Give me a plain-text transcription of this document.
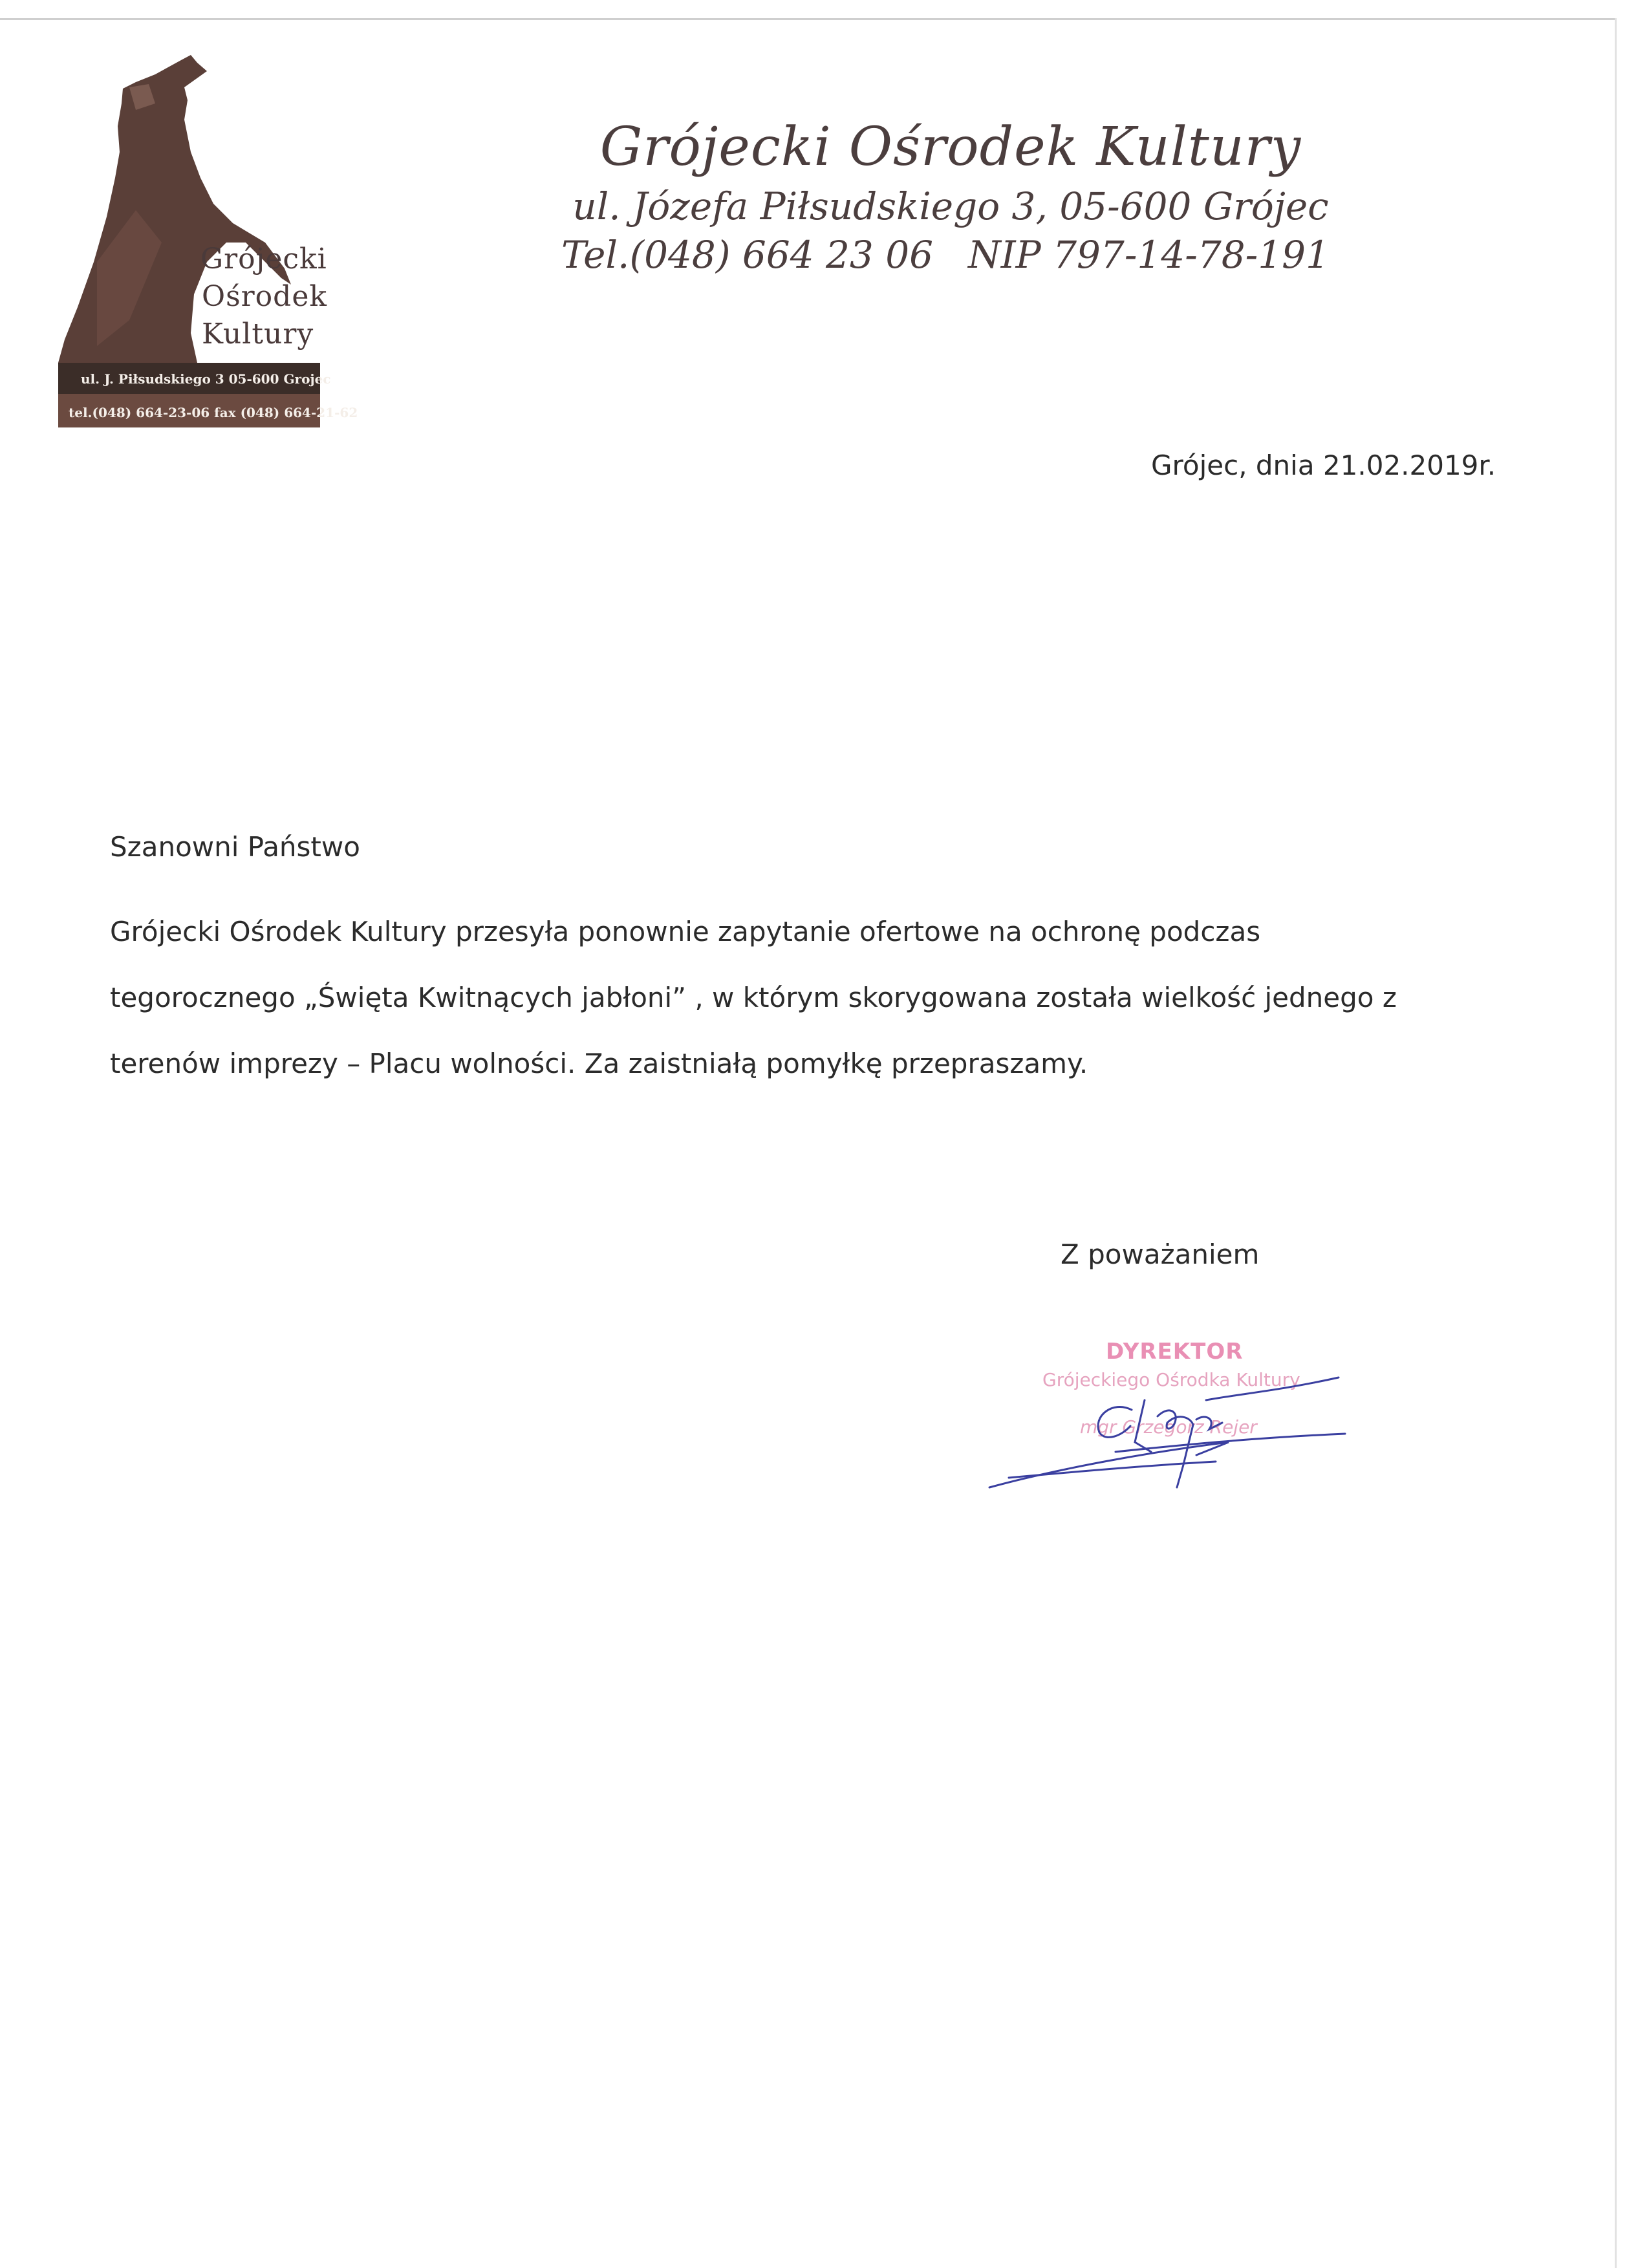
Grójecki
Ośrodek
Kultury
ul. J. Piłsudskiego 3 05-600 Grojec
tel.(048) 664-23-06 fax (048) 664-21-62
Grójecki Ośrodek Kultury
ul. Józefa Piłsudskiego 3, 05-600 Grójec
Tel.(048) 664 23 06 NIP 797-14-78-191
Grójec, dnia 21.02.2019r.
Szanowni Państwo
Grójecki Ośrodek Kultury przesyła ponownie zapytanie ofertowe na ochronę podczas
tegorocznego „Święta Kwitnących jabłoni” , w którym skorygowana została wielkość jednego z
terenów imprezy – Placu wolności. Za zaistniałą pomyłkę przepraszamy.
Z poważaniem
DYREKTOR
Grójeckiego Ośrodka Kultury
mgr Grzegorz Rejer
